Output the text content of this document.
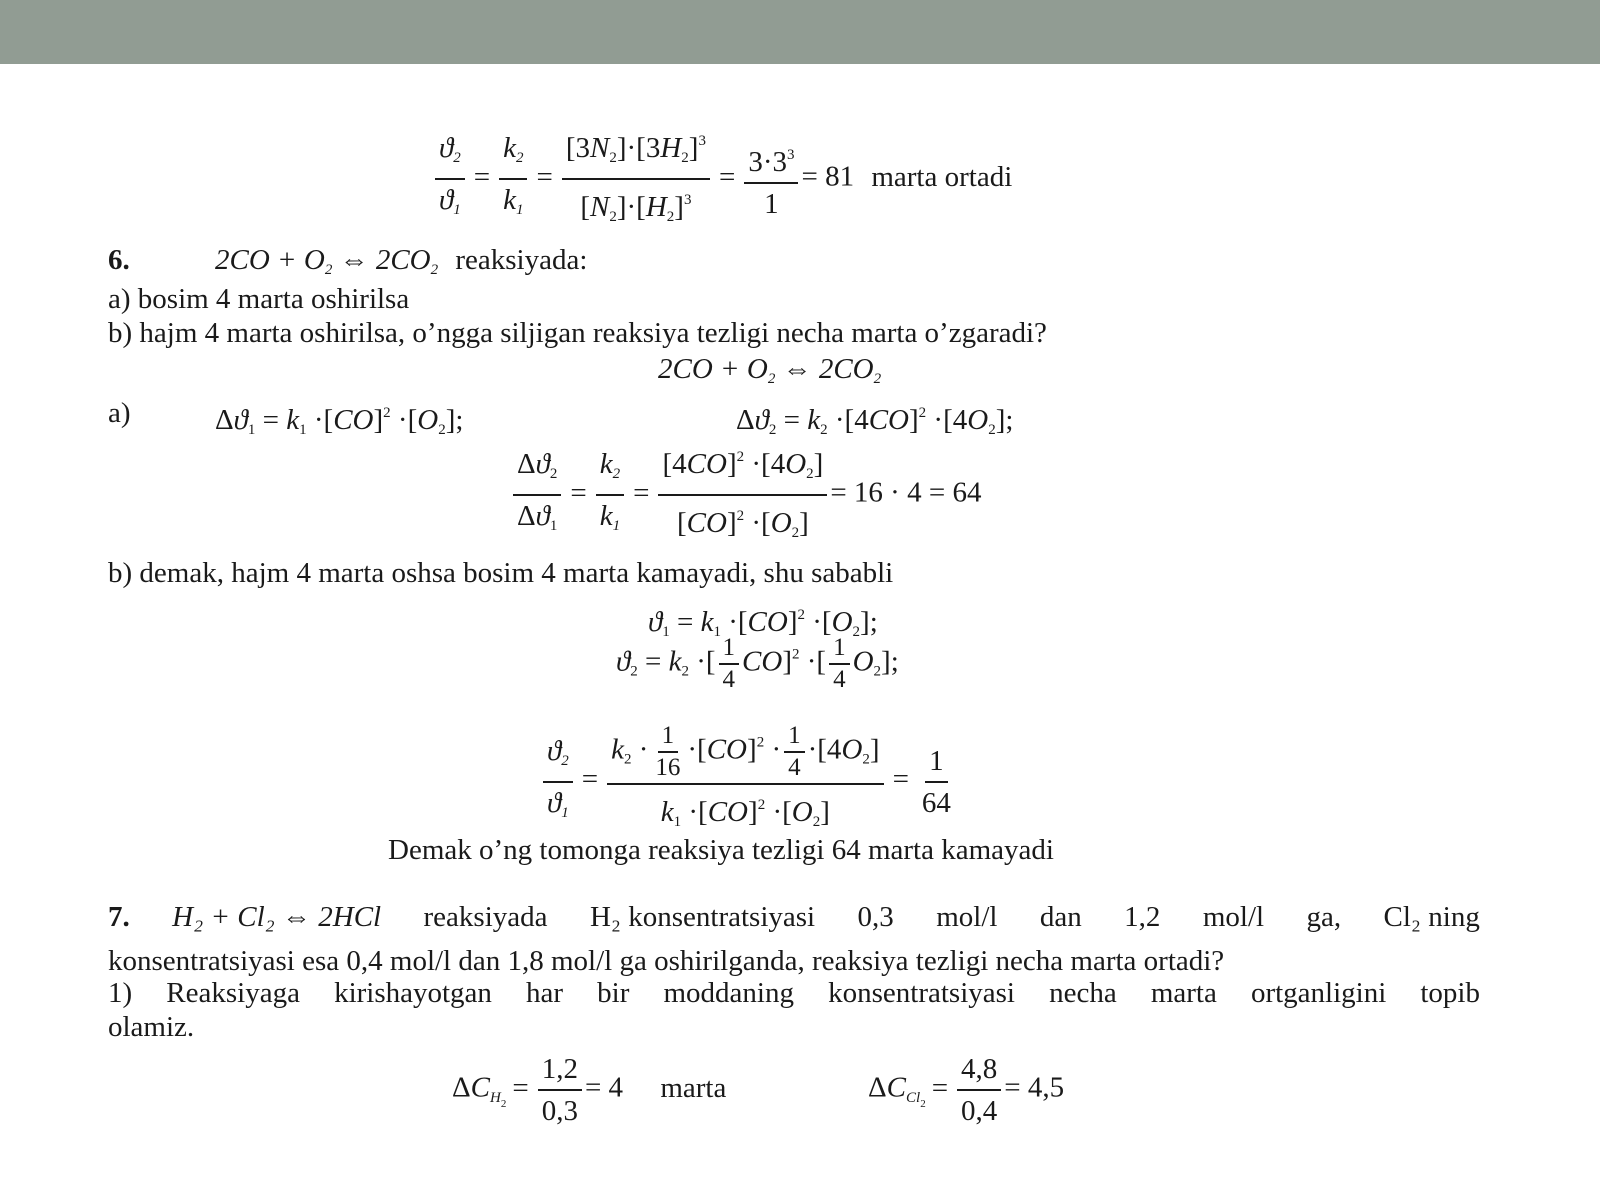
$\frac{ϑ_2}{ϑ_1} = \frac{k_2}{k_1} = \frac{[3N_2]\cdot[3H_2]^3}{[N_2]\cdot[H_2]^3} = \frac{3\cdot 3^3}{1} = 81$ marta ortadi
6.	$2CO + O_2$ ⇔ $2CO_2$ reaksiyada:
a) bosim 4 marta oshirilsa
b) hajm 4 marta oshirilsa, o’ngga siljigan reaksiya tezligi necha marta o’zgaradi?
$2CO + O_2$ ⇔ $2CO_2$
a)	$\Delta ϑ_1 = k_1 \cdot[CO]^2 \cdot[O_2]$;	$\Delta ϑ_2 = k_2 \cdot[4CO]^2 \cdot[4O_2]$;
$\frac{\Delta ϑ_2}{\Delta ϑ_1} = \frac{k_2}{k_1} = \frac{[4CO]^2 \cdot[4O_2]}{[CO]^2 \cdot[O_2]} = 16 \cdot 4 = 64$
b) demak, hajm 4 marta oshsa bosim 4 marta kamayadi, shu sababli
$ϑ_1 = k_1 \cdot[CO]^2 \cdot[O_2]$;
$ϑ_2 = k_2$ ·[ $\frac{1}{4} CO]^2$ ·[ $\frac{1}{4} O_2$];
$\frac{ϑ_2}{ϑ_1} = \frac{k_2 \cdot \frac{1}{16} \cdot[CO]^2 \cdot \frac{1}{4} \cdot[4O_2]}{k_1 \cdot[CO]^2 \cdot[O_2]} = \frac{1}{64}$
Demak o’ng tomonga reaksiya tezligi 64 marta kamayadi
7. H₂ + Cl₂ ⇔ 2HCl reaksiyada H₂ konsentratsiyasi 0,3 mol/l dan 1,2 mol/l ga, Cl₂ ning
konsentratsiyasi esa 0,4 mol/l dan 1,8 mol/l ga oshirilganda, reaksiya tezligi necha marta ortadi?
1) Reaksiyaga kirishayotgan har bir moddaning konsentratsiyasi necha marta ortganligini topib
olamiz.
$\Delta C_{H_2} = \frac{1,2}{0,3} = 4$ marta	$\Delta C_{Cl_2} = \frac{4,8}{0,4} = 4,5$
